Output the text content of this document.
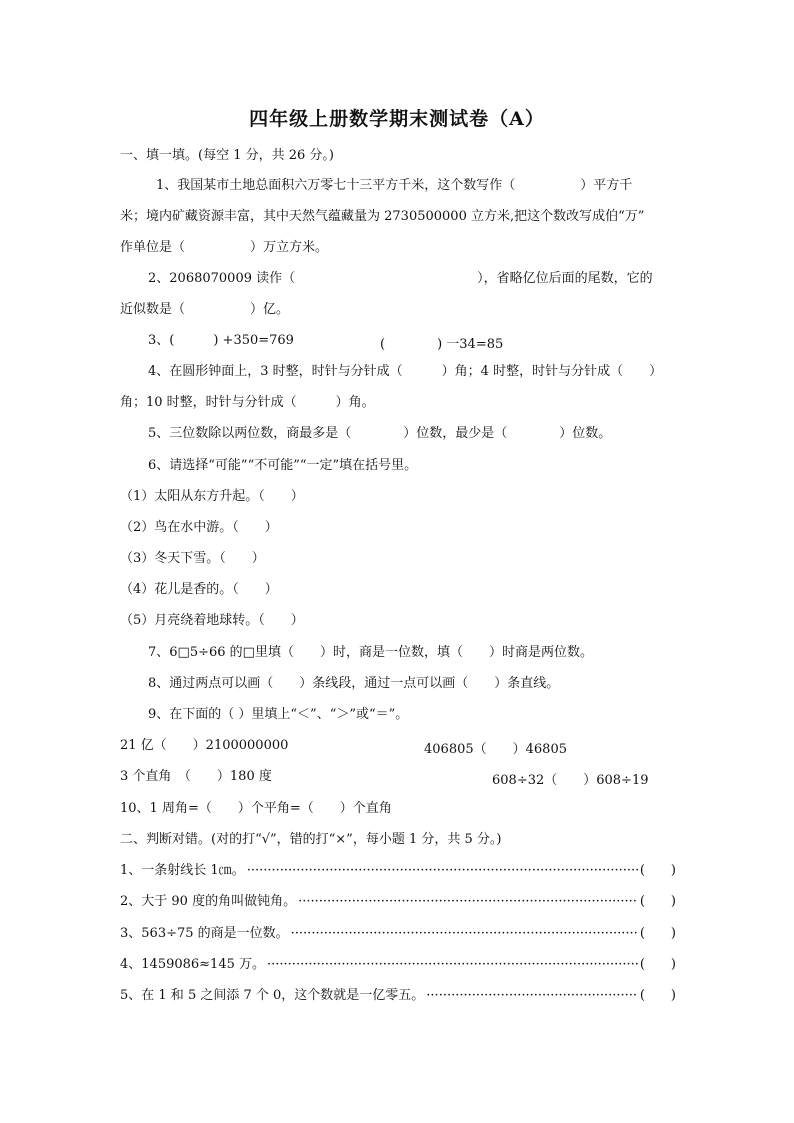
四年级上册数学期末测试卷（A）
一、填一填。(每空 1 分，共 26 分。)
1、我国某市土地总面积六万零七十三平方千米，这个数写作（　　　　　）平方千
米；境内矿藏资源丰富，其中天然气蕴藏量为 2730500000 立方米,把这个数改写成伯“万”
作单位是（　　　　　）万立方米。
2、2068070009 读作（　　　　　　　　　　　　　　），省略亿位后面的尾数，它的
近似数是（　　　　　）亿。
3、(　　　) +350=769	(　　　　) 一34=85
4、在圆形钟面上，3 时整，时针与分针成（　　　）角；4 时整，时针与分针成（　　）
角；10 时整，时针与分针成（　　　）角。
5、三位数除以两位数，商最多是（　　　　）位数，最少是（　　　　）位数。
6、请选择“可能”“不可能”“一定”填在括号里。
（1）太阳从东方升起。（　　）
（2）鸟在水中游。（　　）
（3）冬天下雪。（　　）
（4）花儿是香的。（　　）
（5）月亮绕着地球转。（　　）
7、6□5÷66 的□里填（　　）时，商是一位数，填（　　）时商是两位数。
8、通过两点可以画（　　）条线段，通过一点可以画（　　）条直线。
9、在下面的（ ）里填上“＜”、“＞”或“＝”。
21 亿（　　）2100000000	406805（　　）46805
3 个直角　（　　）180 度	608÷32（　　）608÷19
10、1 周角=（　　）个平角=（　　）个直角
二、判断对错。(对的打“√”，错的打“×”，每小题 1 分，共 5 分。)
1、一条射线长 1㎝。 ·····	(　　)
2、大于 90 度的角叫做钝角。 ·····	(　　)
3、563÷75 的商是一位数。 ·····	(　　)
4、1459086≈145 万。 ·····	(　　)
5、在 1 和 5 之间添 7 个 0，这个数就是一亿零五。 ·····	(　　)
